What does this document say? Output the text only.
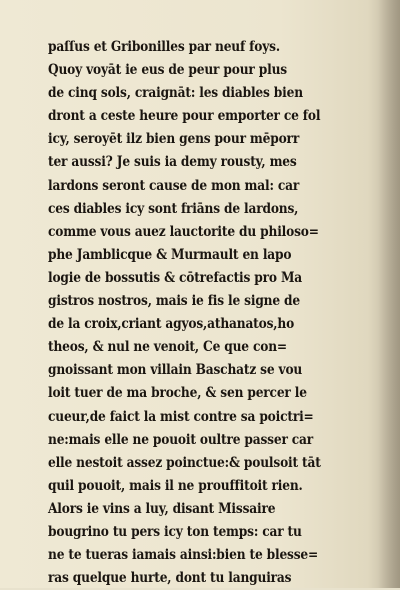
paſſus et Gribonilles par neuf foys.
Quoy voyāt ie eus de peur pour plus
de cinq sols, craignāt: les diables bien
dront a ceste heure pour emporter ce fol
icy, seroyēt ilz bien gens pour mēporr
ter aussi? Je suis ia demy rousty, mes
lardons seront cause de mon mal: car
ces diables icy sont friāns de lardons,
comme vous auez lauctorite du philoso=
phe Jamblicque & Murmault en lapo
logie de bossutis & cōtrefactis pro Ma
gistros nostros, mais ie fis le signe de
de la croix,criant agyos,athanatos,ho
theos, & nul ne venoit, Ce que con=
gnoissant mon villain Baschatz se vou
loit tuer de ma broche, & sen percer le
cueur,de faict la mist contre sa poictri=
ne:mais elle ne pouoit oultre passer car
elle nestoit assez poinctue:& poulsoit tāt
quil pouoit, mais il ne prouffitoit rien.
Alors ie vins a luy, disant Missaire
bougrino tu pers icy ton temps: car tu
ne te tueras iamais ainsi:bien te blesse=
ras quelque hurte, dont tu languiras
